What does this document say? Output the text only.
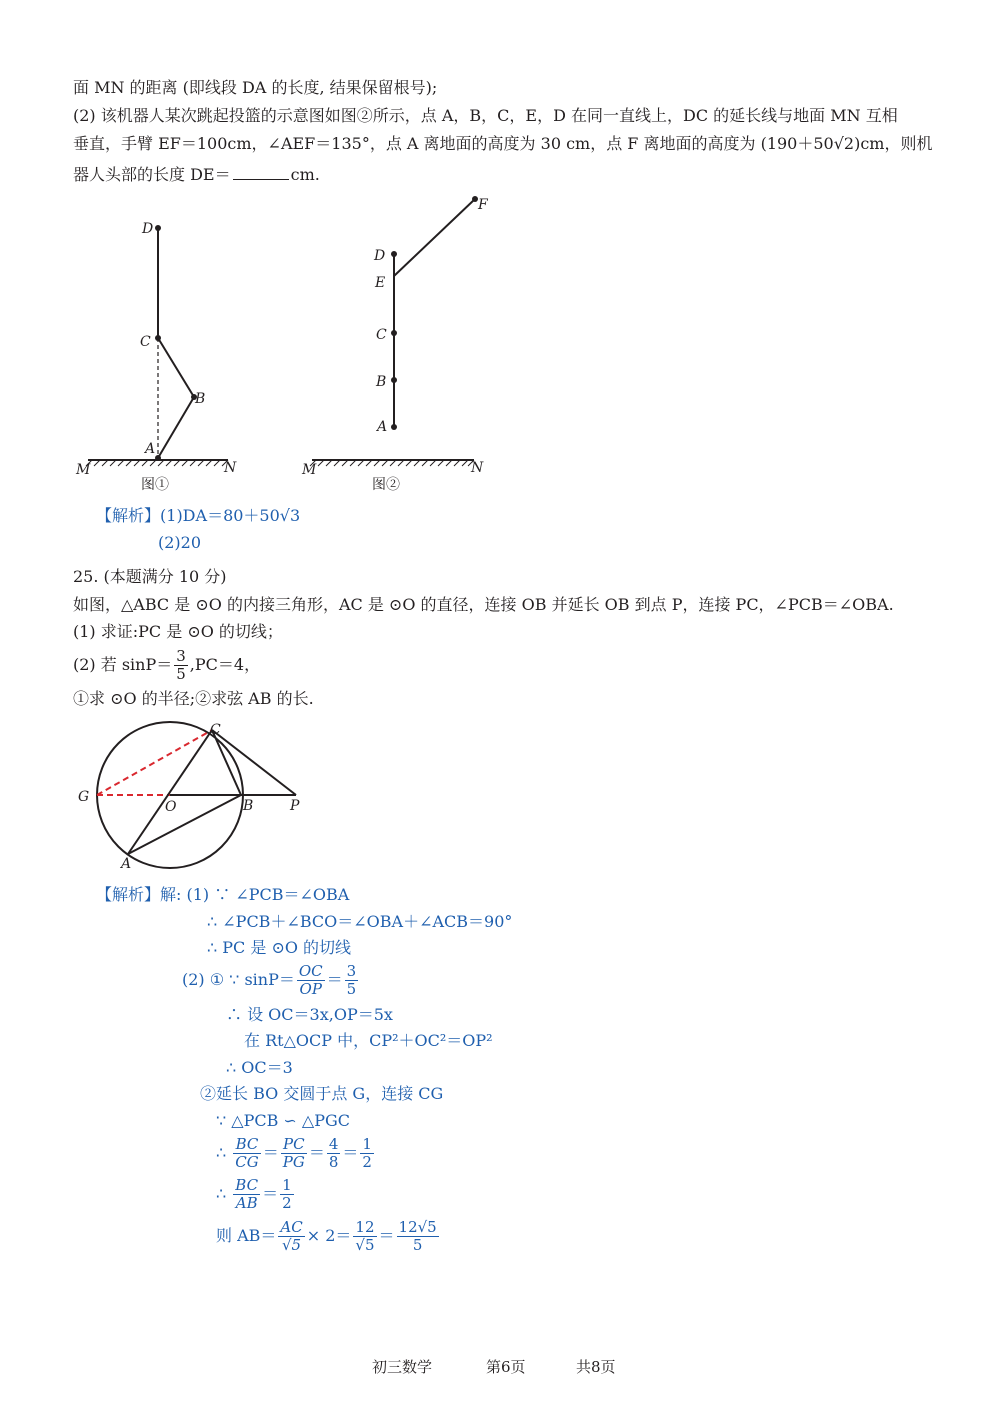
面 MN 的距离 (即线段 DA 的长度, 结果保留根号);
(2) 该机器人某次跳起投篮的示意图如图②所示，点 A，B，C，E，D 在同一直线上，DC 的延长线与地面 MN 互相
垂直，手臂 EF＝100cm，∠AEF＝135°，点 A 离地面的高度为 30 cm，点 F 离地面的高度为 (190＋50√2)cm，则机
器人头部的长度 DE＝	cm.
D
C
B
A
M	N
图①
F
D
E
C
B
A
M	N
图②
【解析】(1)DA＝80＋50√3
(2)20
25. (本题满分 10 分)
如图，△ABC 是 ⊙O 的内接三角形，AC 是 ⊙O 的直径，连接 OB 并延长 OB 到点 P，连接 PC，∠PCB＝∠OBA.
(1) 求证:PC 是 ⊙O 的切线；
(2) 若 $\sin P= \frac{3}{5} ,PC=4$，
①求 ⊙O 的半径;②求弦 AB 的长.
C
G
O	B	P
A
【解析】解: (1) ∵ ∠PCB＝∠OBA
∴ ∠PCB＋∠BCO＝∠OBA＋∠ACB＝90°
∴ PC 是 ⊙O 的切线
(2) ① ∵ $\sin P= \frac{OC}{OP} = \frac{3}{5}$
∴ 设 OC＝3x,OP＝5x
在 Rt△OCP 中，CP²＋OC²＝OP²
∴ OC＝3
②延长 BO 交圆于点 G，连接 CG
∵ △PCB ∽ △PGC
∴ $\frac{BC}{CG} = \frac{PC}{PG} = \frac{4}{8} = \frac{1}{2}$
∴ $\frac{BC}{AB} = \frac{1}{2}$
则 $AB= \frac{AC}{√5} \times 2= \frac{12}{√5} = \frac{12√5}{5}$
初三数学	第6页	共8页
